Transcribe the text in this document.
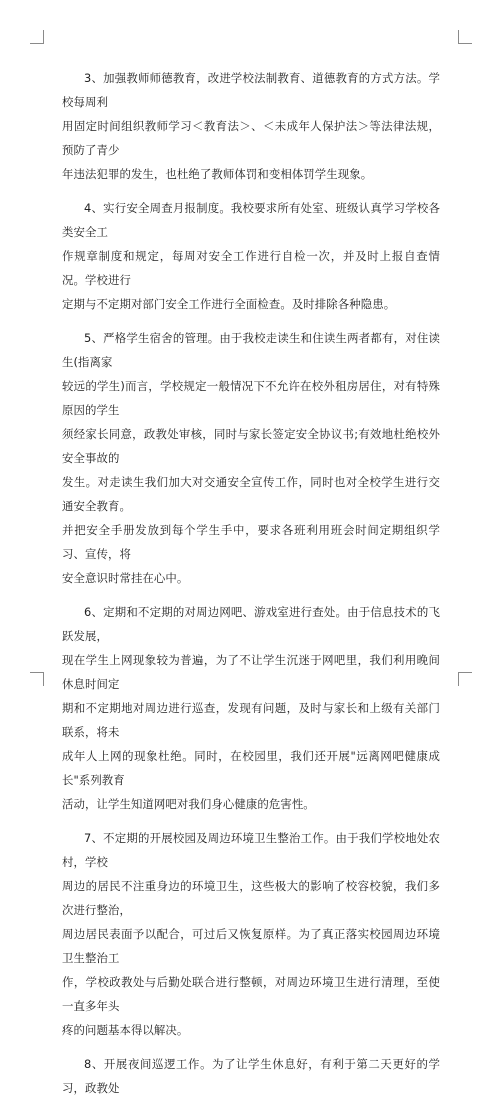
3、加强教师师德教育，改进学校法制教育、道德教育的方式方法。学校每周利
用固定时间组织教师学习＜教育法＞、＜未成年人保护法＞等法律法规，预防了青少
年违法犯罪的发生，也杜绝了教师体罚和变相体罚学生现象。

4、实行安全周查月报制度。我校要求所有处室、班级认真学习学校各类安全工
作规章制度和规定，每周对安全工作进行自检一次，并及时上报自查情况。学校进行
定期与不定期对部门安全工作进行全面检查。及时排除各种隐患。

5、严格学生宿舍的管理。由于我校走读生和住读生两者都有，对住读生(指离家
较远的学生)而言，学校规定一般情况下不允许在校外租房居住，对有特殊原因的学生
须经家长同意，政教处审核，同时与家长签定安全协议书;有效地杜绝校外安全事故的
发生。对走读生我们加大对交通安全宣传工作，同时也对全校学生进行交通安全教育。
并把安全手册发放到每个学生手中，要求各班利用班会时间定期组织学习、宣传，将
安全意识时常挂在心中。

6、定期和不定期的对周边网吧、游戏室进行查处。由于信息技术的飞跃发展，
现在学生上网现象较为普遍，为了不让学生沉迷于网吧里，我们利用晚间休息时间定
期和不定期地对周边进行巡查，发现有问题，及时与家长和上级有关部门联系，将未
成年人上网的现象杜绝。同时，在校园里，我们还开展"远离网吧健康成长"系列教育
活动，让学生知道网吧对我们身心健康的危害性。

7、不定期的开展校园及周边环境卫生整治工作。由于我们学校地处农村，学校
周边的居民不注重身边的环境卫生，这些极大的影响了校容校貌，我们多次进行整治，
周边居民表面予以配合，可过后又恢复原样。为了真正落实校园周边环境卫生整治工
作，学校政教处与后勤处联合进行整顿，对周边环境卫生进行清理，至使一直多年头
疼的问题基本得以解决。

8、开展夜间巡逻工作。为了让学生休息好，有利于第二天更好的学习，政教处
